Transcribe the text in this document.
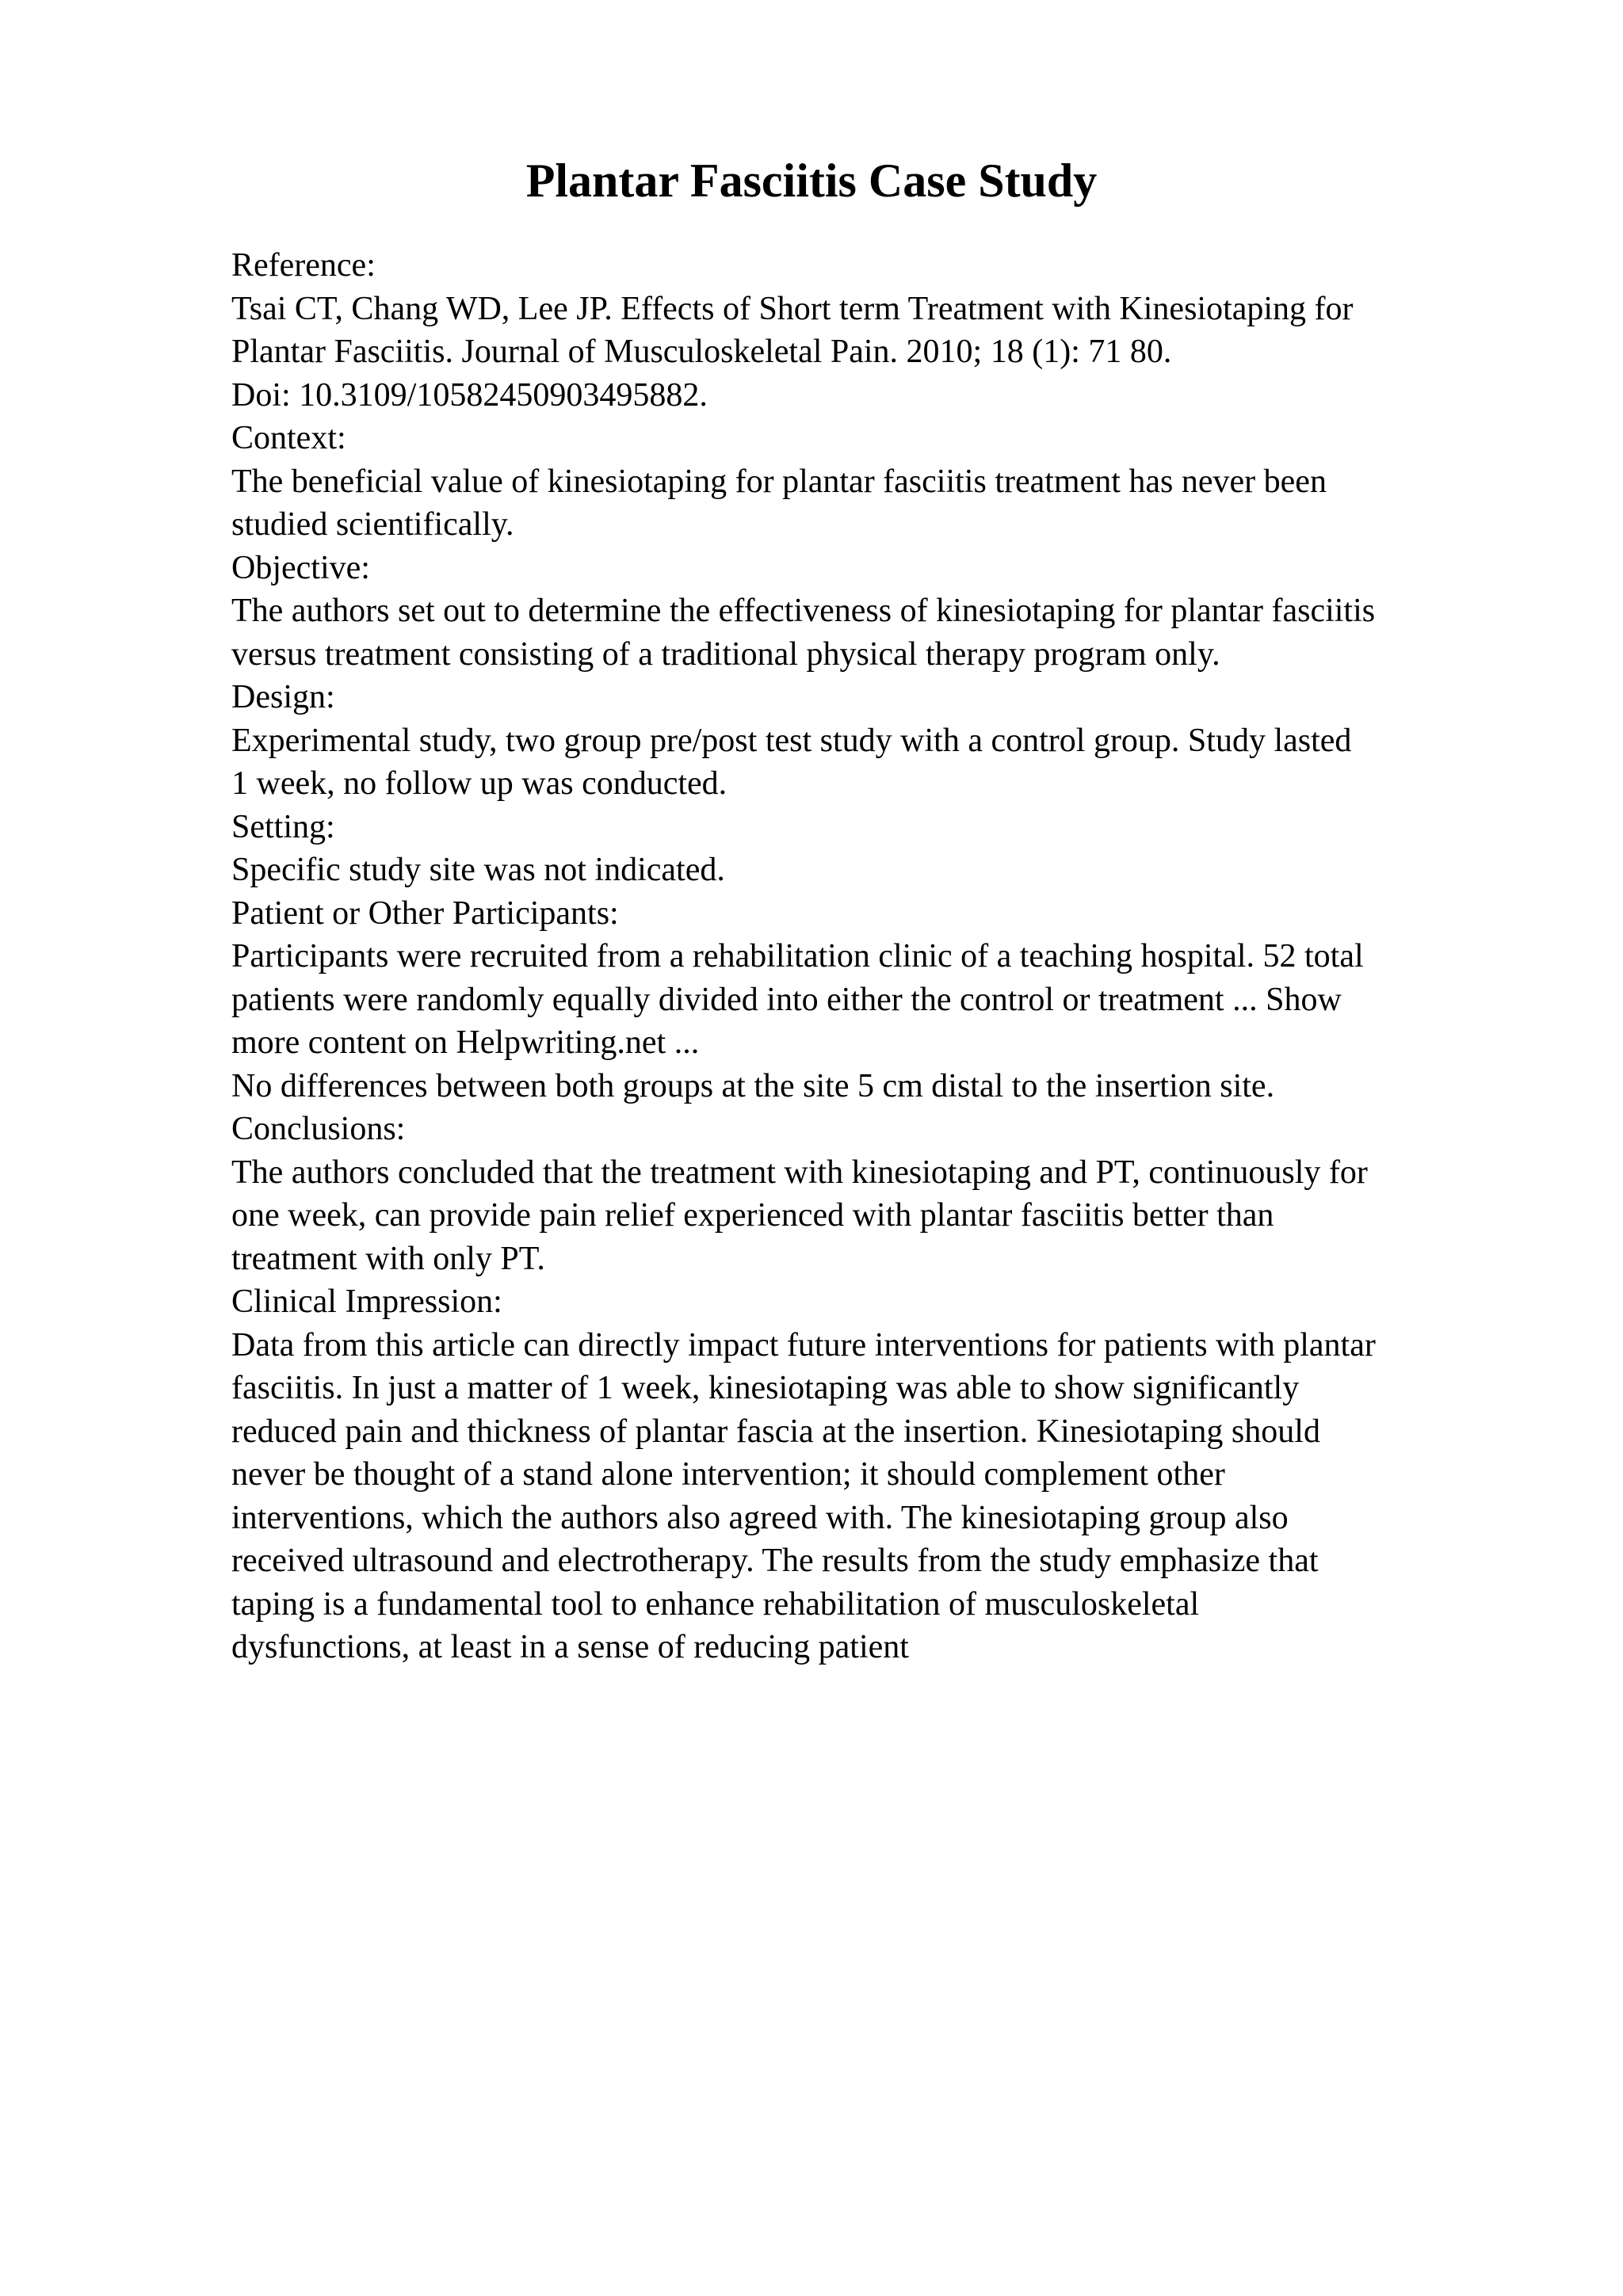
Plantar Fasciitis Case Study
Reference:
Tsai CT, Chang WD, Lee JP. Effects of Short term Treatment with Kinesiotaping for
Plantar Fasciitis. Journal of Musculoskeletal Pain. 2010; 18 (1): 71 80.
Doi: 10.3109/10582450903495882.
Context:
The beneficial value of kinesiotaping for plantar fasciitis treatment has never been
studied scientifically.
Objective:
The authors set out to determine the effectiveness of kinesiotaping for plantar fasciitis
versus treatment consisting of a traditional physical therapy program only.
Design:
Experimental study, two group pre/post test study with a control group. Study lasted
1 week, no follow up was conducted.
Setting:
Specific study site was not indicated.
Patient or Other Participants:
Participants were recruited from a rehabilitation clinic of a teaching hospital. 52 total
patients were randomly equally divided into either the control or treatment ... Show
more content on Helpwriting.net ...
No differences between both groups at the site 5 cm distal to the insertion site.
Conclusions:
The authors concluded that the treatment with kinesiotaping and PT, continuously for
one week, can provide pain relief experienced with plantar fasciitis better than
treatment with only PT.
Clinical Impression:
Data from this article can directly impact future interventions for patients with plantar
fasciitis. In just a matter of 1 week, kinesiotaping was able to show significantly
reduced pain and thickness of plantar fascia at the insertion. Kinesiotaping should
never be thought of a stand alone intervention; it should complement other
interventions, which the authors also agreed with. The kinesiotaping group also
received ultrasound and electrotherapy. The results from the study emphasize that
taping is a fundamental tool to enhance rehabilitation of musculoskeletal
dysfunctions, at least in a sense of reducing patient
